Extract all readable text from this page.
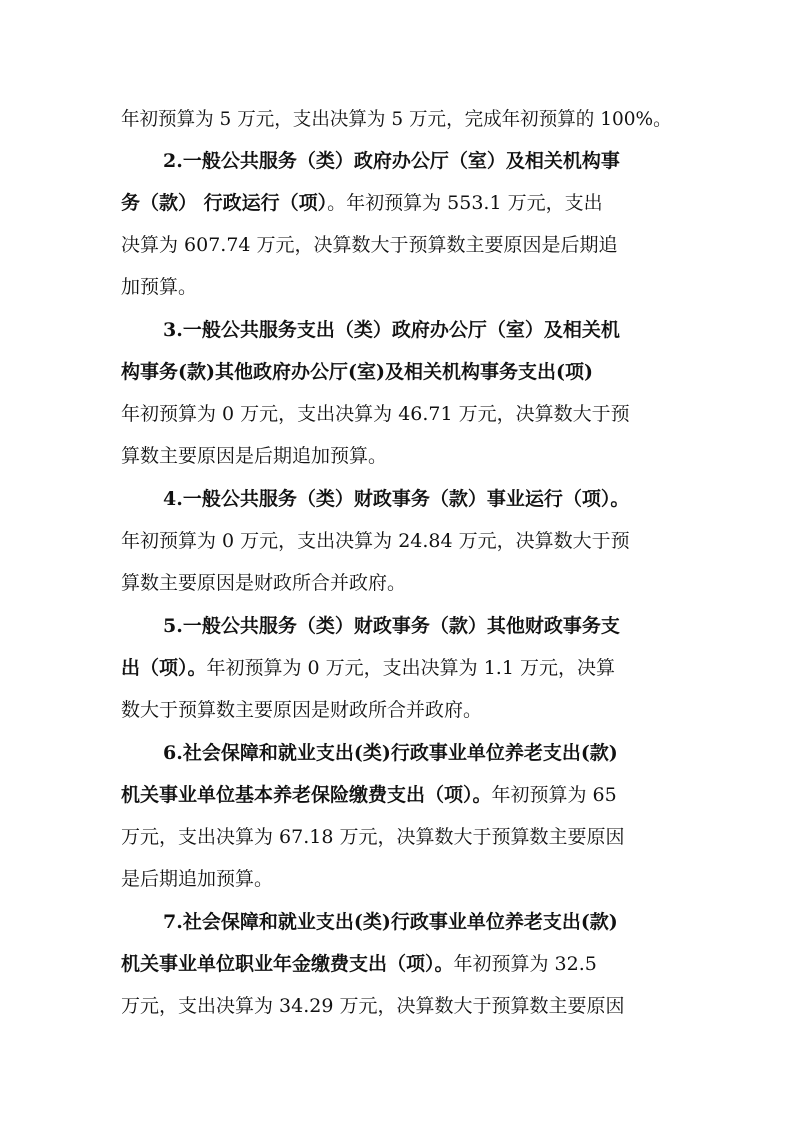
年初预算为 5 万元，支出决算为 5 万元，完成年初预算的 100%。
2.一般公共服务（类）政府办公厅（室）及相关机构事
务（款） 行政运行（项）。年初预算为 553.1 万元，支出
决算为 607.74 万元，决算数大于预算数主要原因是后期追
加预算。
3.一般公共服务支出（类）政府办公厅（室）及相关机
构事务(款)其他政府办公厅(室)及相关机构事务支出(项)
年初预算为 0 万元，支出决算为 46.71 万元，决算数大于预
算数主要原因是后期追加预算。
4.一般公共服务（类）财政事务（款）事业运行（项）。
年初预算为 0 万元，支出决算为 24.84 万元，决算数大于预
算数主要原因是财政所合并政府。
5.一般公共服务（类）财政事务（款）其他财政事务支
出（项）。年初预算为 0 万元，支出决算为 1.1 万元，决算
数大于预算数主要原因是财政所合并政府。
6.社会保障和就业支出(类)行政事业单位养老支出(款)
机关事业单位基本养老保险缴费支出（项）。年初预算为 65
万元，支出决算为 67.18 万元，决算数大于预算数主要原因
是后期追加预算。
7.社会保障和就业支出(类)行政事业单位养老支出(款)
机关事业单位职业年金缴费支出（项）。年初预算为 32.5
万元，支出决算为 34.29 万元，决算数大于预算数主要原因
